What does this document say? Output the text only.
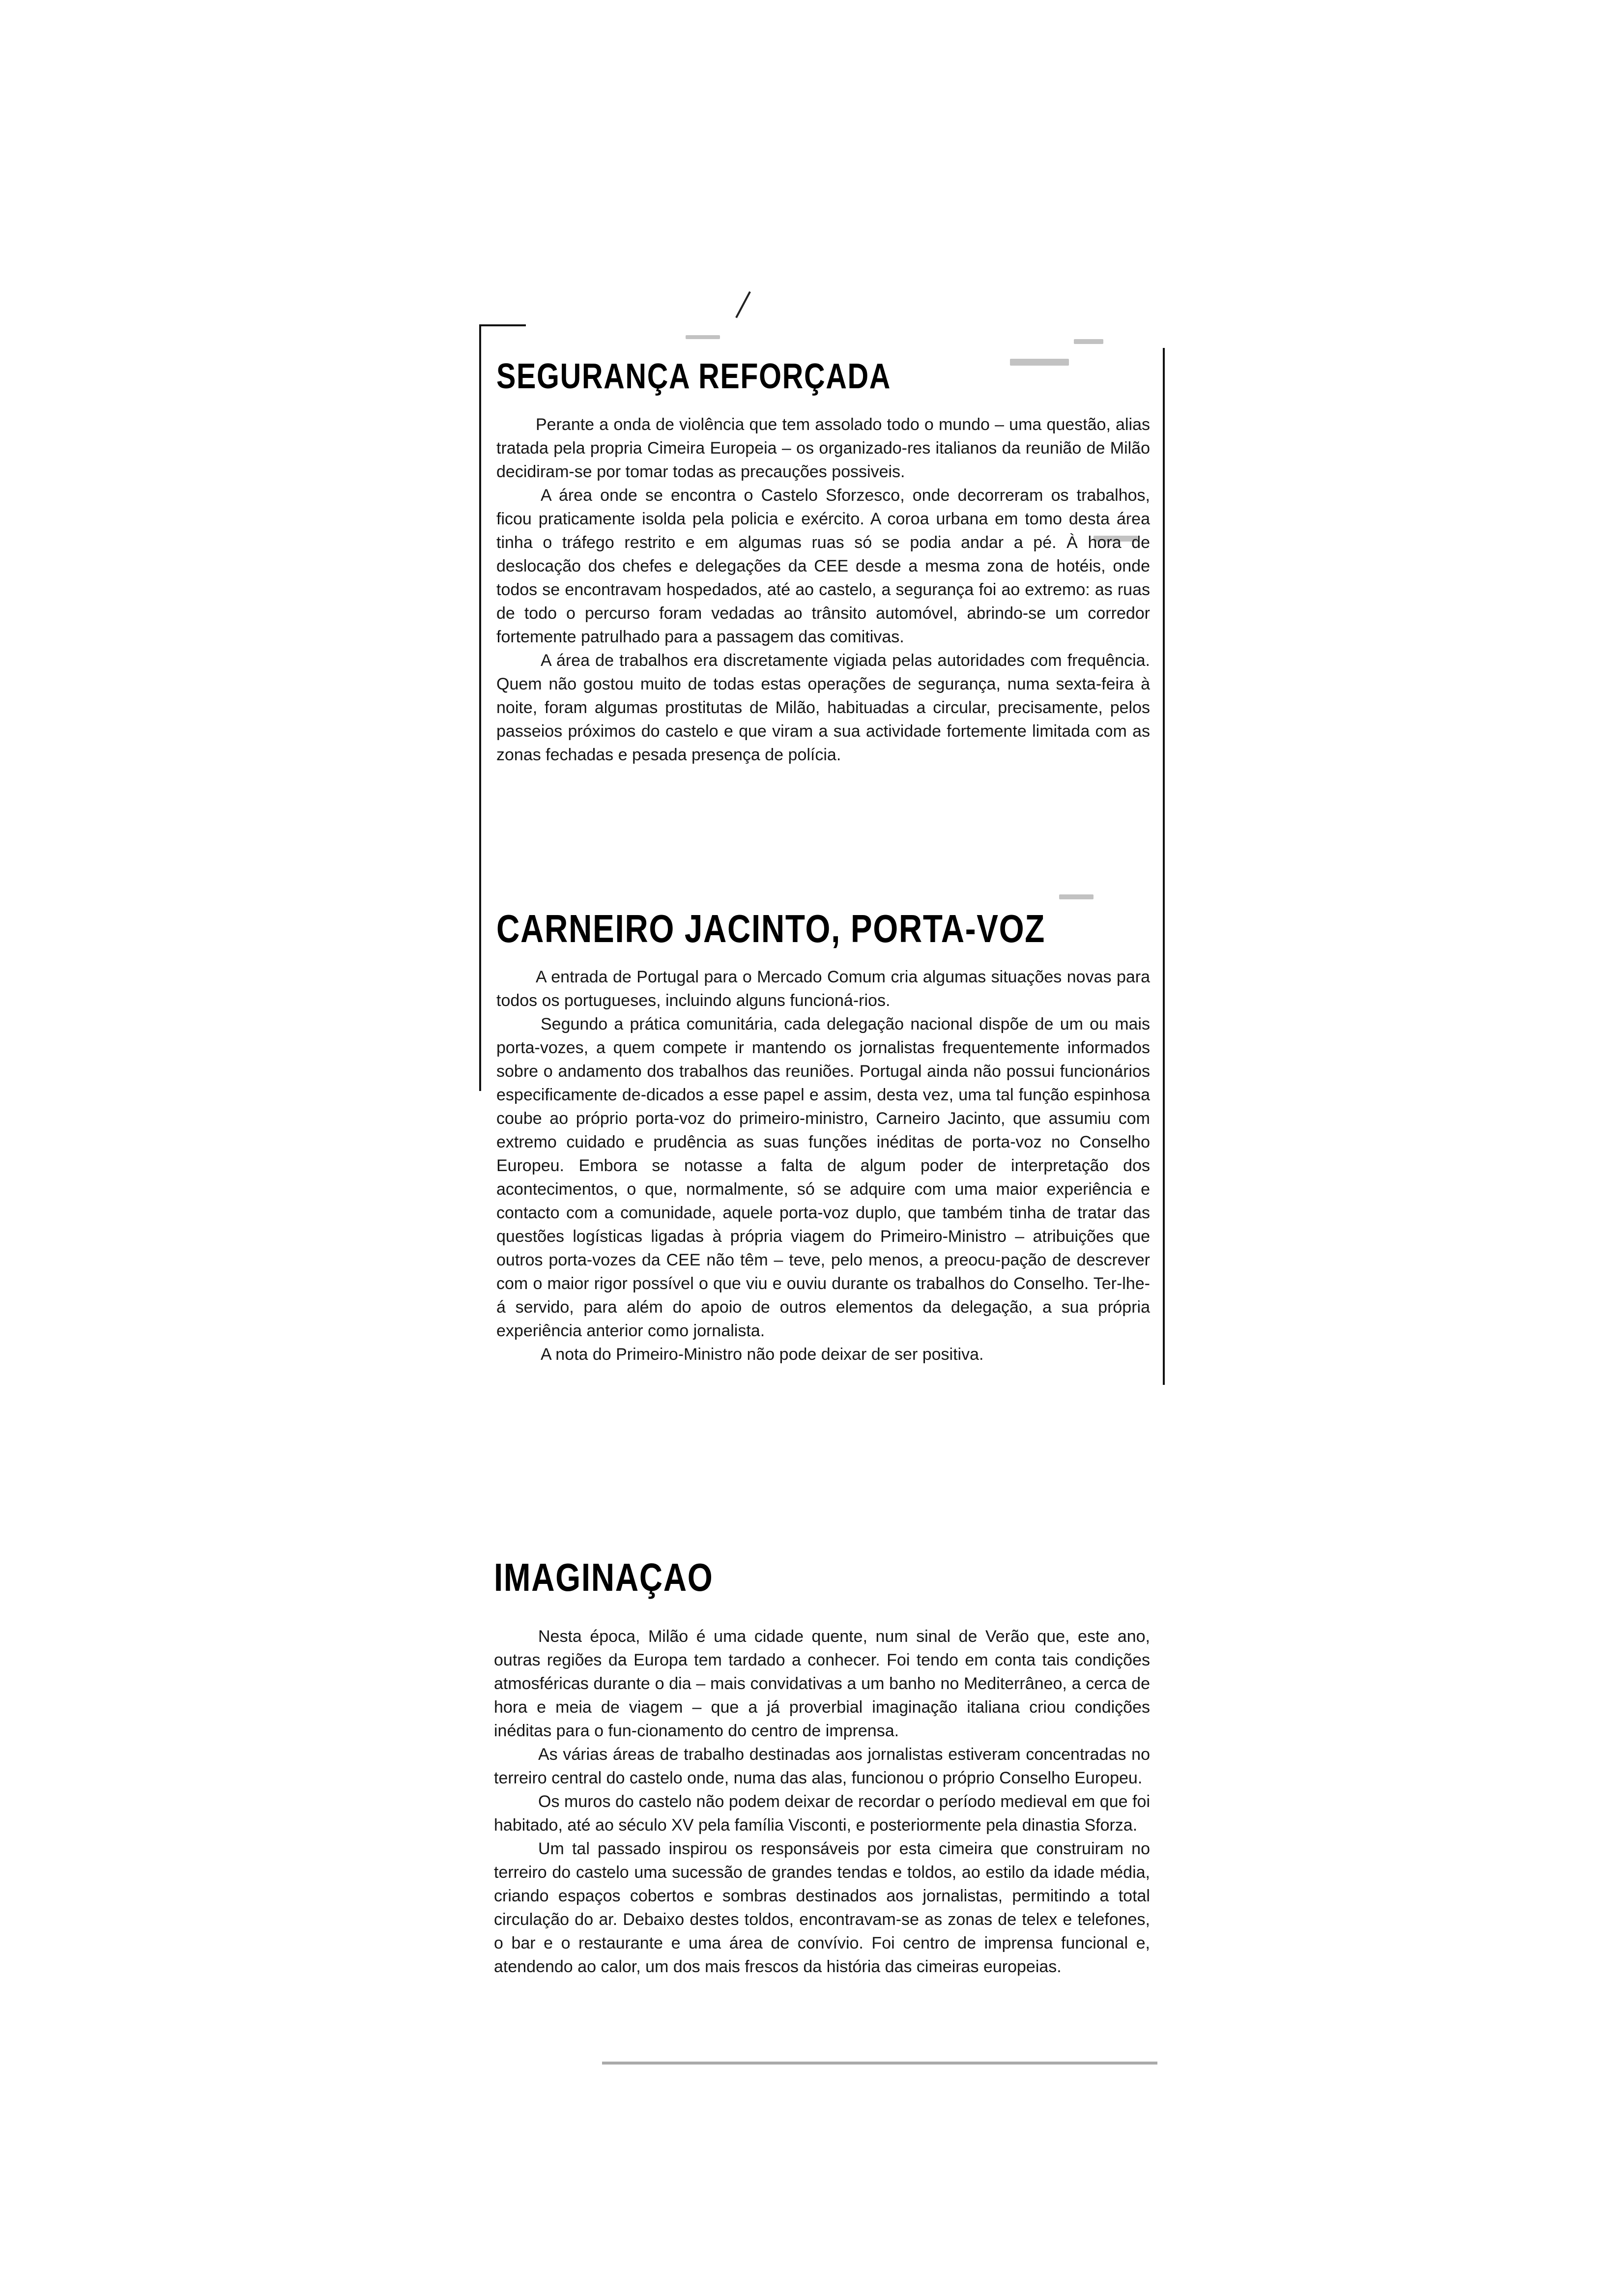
SEGURANÇA REFORÇADA

Perante a onda de violência que tem assolado todo o mundo – uma questão, alias tratada pela propria Cimeira Europeia – os organizado-res italianos da reunião de Milão decidiram-se por tomar todas as precauções possiveis.

A área onde se encontra o Castelo Sforzesco, onde decorreram os trabalhos, ficou praticamente isolda pela policia e exército. A coroa urbana em tomo desta área tinha o tráfego restrito e em algumas ruas só se podia andar a pé. À hora de deslocação dos chefes e delegações da CEE desde a mesma zona de hotéis, onde todos se encontravam hospedados, até ao castelo, a segurança foi ao extremo: as ruas de todo o percurso foram vedadas ao trânsito automóvel, abrindo-se um corredor fortemente patrulhado para a passagem das comitivas.

A área de trabalhos era discretamente vigiada pelas autoridades com frequência. Quem não gostou muito de todas estas operações de segurança, numa sexta-feira à noite, foram algumas prostitutas de Milão, habituadas a circular, precisamente, pelos passeios próximos do castelo e que viram a sua actividade fortemente limitada com as zonas fechadas e pesada presença de polícia.

CARNEIRO JACINTO, PORTA-VOZ

A entrada de Portugal para o Mercado Comum cria algumas situações novas para todos os portugueses, incluindo alguns funcioná-rios.

Segundo a prática comunitária, cada delegação nacional dispõe de um ou mais porta-vozes, a quem compete ir mantendo os jornalistas frequentemente informados sobre o andamento dos trabalhos das reuniões. Portugal ainda não possui funcionários especificamente de-dicados a esse papel e assim, desta vez, uma tal função espinhosa coube ao próprio porta-voz do primeiro-ministro, Carneiro Jacinto, que assumiu com extremo cuidado e prudência as suas funções inéditas de porta-voz no Conselho Europeu. Embora se notasse a falta de algum poder de interpretação dos acontecimentos, o que, normalmente, só se adquire com uma maior experiência e contacto com a comunidade, aquele porta-voz duplo, que também tinha de tratar das questões logísticas ligadas à própria viagem do Primeiro-Ministro – atribuições que outros porta-vozes da CEE não têm – teve, pelo menos, a preocu-pação de descrever com o maior rigor possível o que viu e ouviu durante os trabalhos do Conselho. Ter-lhe-á servido, para além do apoio de outros elementos da delegação, a sua própria experiência anterior como jornalista.

A nota do Primeiro-Ministro não pode deixar de ser positiva.

IMAGINAÇAO

Nesta época, Milão é uma cidade quente, num sinal de Verão que, este ano, outras regiões da Europa tem tardado a conhecer. Foi tendo em conta tais condições atmosféricas durante o dia – mais convidativas a um banho no Mediterrâneo, a cerca de hora e meia de viagem – que a já proverbial imaginação italiana criou condições inéditas para o fun-cionamento do centro de imprensa.

As várias áreas de trabalho destinadas aos jornalistas estiveram concentradas no terreiro central do castelo onde, numa das alas, funcionou o próprio Conselho Europeu.

Os muros do castelo não podem deixar de recordar o período medieval em que foi habitado, até ao século XV pela família Visconti, e posteriormente pela dinastia Sforza.

Um tal passado inspirou os responsáveis por esta cimeira que construiram no terreiro do castelo uma sucessão de grandes tendas e toldos, ao estilo da idade média, criando espaços cobertos e sombras destinados aos jornalistas, permitindo a total circulação do ar. Debaixo destes toldos, encontravam-se as zonas de telex e telefones, o bar e o restaurante e uma área de convívio. Foi centro de imprensa funcional e, atendendo ao calor, um dos mais frescos da história das cimeiras europeias.
